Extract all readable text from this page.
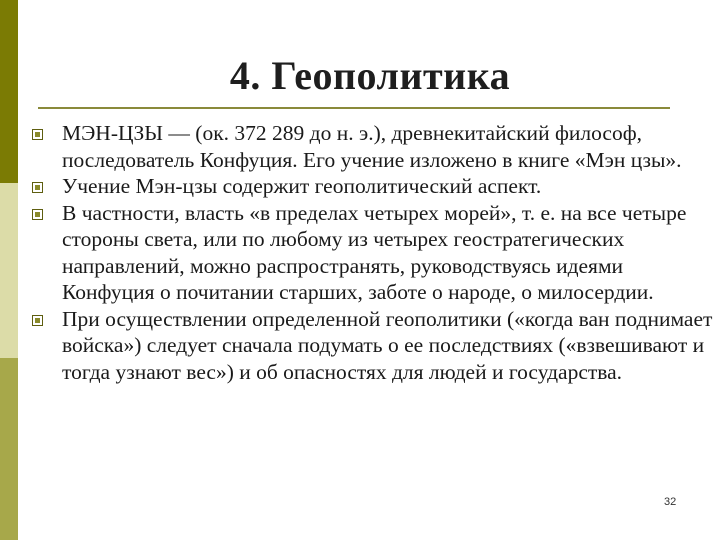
4. Геополитика
МЭН-ЦЗЫ — (ок. 372 289 до н. э.), древнекитайский философ, последователь Конфуция. Его учение изложено в книге «Мэн цзы».
Учение Мэн-цзы содержит геополитический аспект.
В частности, власть «в пределах четырех морей», т. е. на все четыре стороны света, или по любому из четырех геостратегических направлений, можно распространять, руководствуясь идеями Конфуция о почитании старших, заботе о народе, о милосердии.
При осуществлении определенной геополитики («когда ван поднимает войска») следует сначала подумать о ее последствиях («взвешивают и тогда узнают вес») и об опасностях для людей и государства.
32
